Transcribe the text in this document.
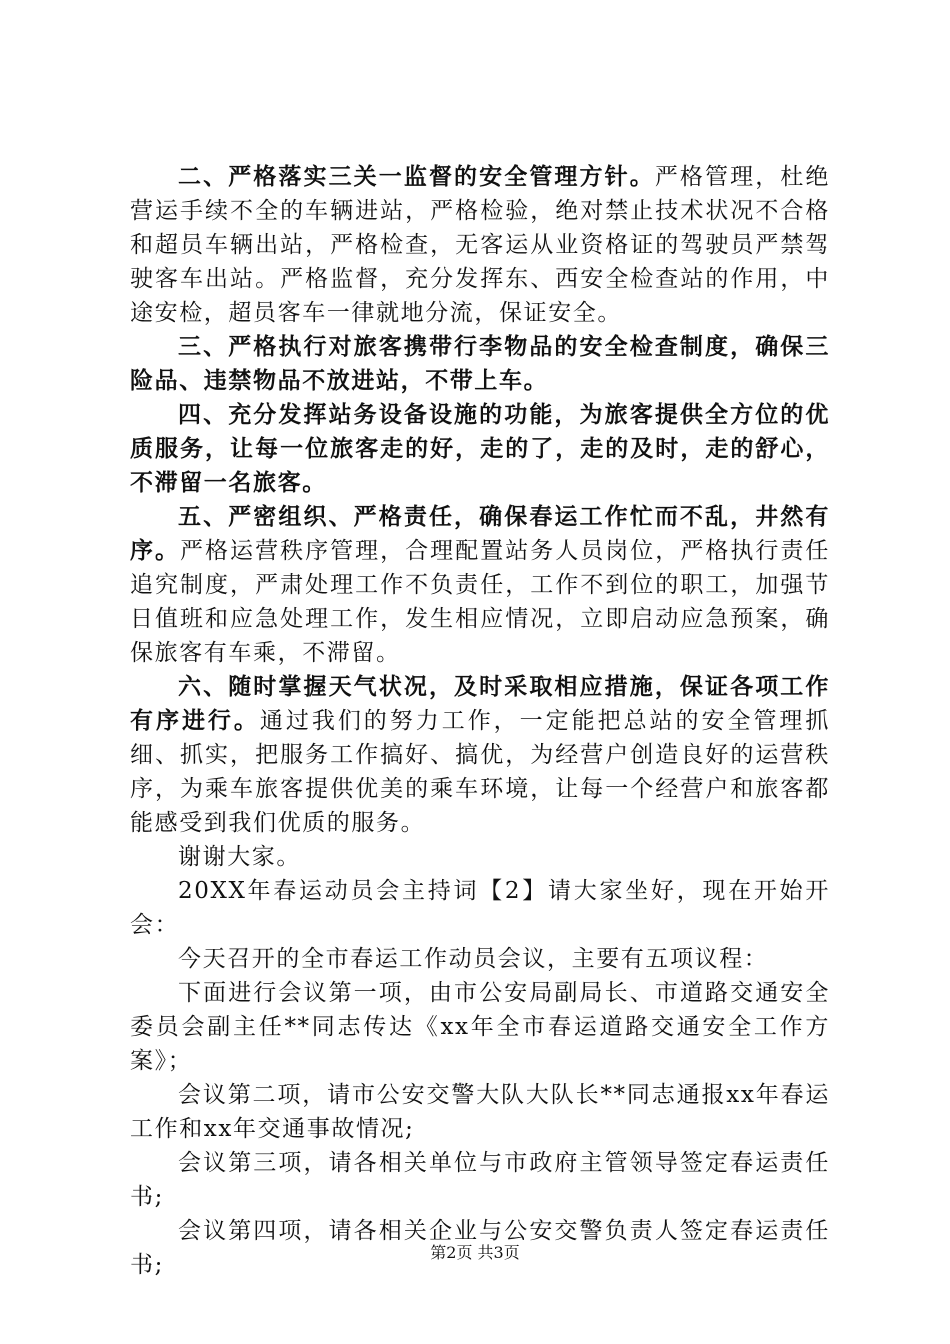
二、严格落实三关一监督的安全管理方针。严格管理，杜绝营运手续不全的车辆进站，严格检验，绝对禁止技术状况不合格和超员车辆出站，严格检查，无客运从业资格证的驾驶员严禁驾驶客车出站。严格监督，充分发挥东、西安全检查站的作用，中途安检，超员客车一律就地分流，保证安全。

三、严格执行对旅客携带行李物品的安全检查制度，确保三险品、违禁物品不放进站，不带上车。

四、充分发挥站务设备设施的功能，为旅客提供全方位的优质服务，让每一位旅客走的好，走的了，走的及时，走的舒心，不滞留一名旅客。

五、严密组织、严格责任，确保春运工作忙而不乱，井然有序。严格运营秩序管理，合理配置站务人员岗位，严格执行责任追究制度，严肃处理工作不负责任，工作不到位的职工，加强节日值班和应急处理工作，发生相应情况，立即启动应急预案，确保旅客有车乘，不滞留。

六、随时掌握天气状况，及时采取相应措施，保证各项工作有序进行。通过我们的努力工作，一定能把总站的安全管理抓细、抓实，把服务工作搞好、搞优，为经营户创造良好的运营秩序，为乘车旅客提供优美的乘车环境，让每一个经营户和旅客都能感受到我们优质的服务。

谢谢大家。

20XX年春运动员会主持词【2】请大家坐好，现在开始开会：

今天召开的全市春运工作动员会议，主要有五项议程：

下面进行会议第一项，由市公安局副局长、市道路交通安全委员会副主任**同志传达《xx年全市春运道路交通安全工作方案》；

会议第二项，请市公安交警大队大队长**同志通报xx年春运工作和xx年交通事故情况;

会议第三项，请各相关单位与市政府主管领导签定春运责任书;

会议第四项，请各相关企业与公安交警负责人签定春运责任书;	第2页 共3页
